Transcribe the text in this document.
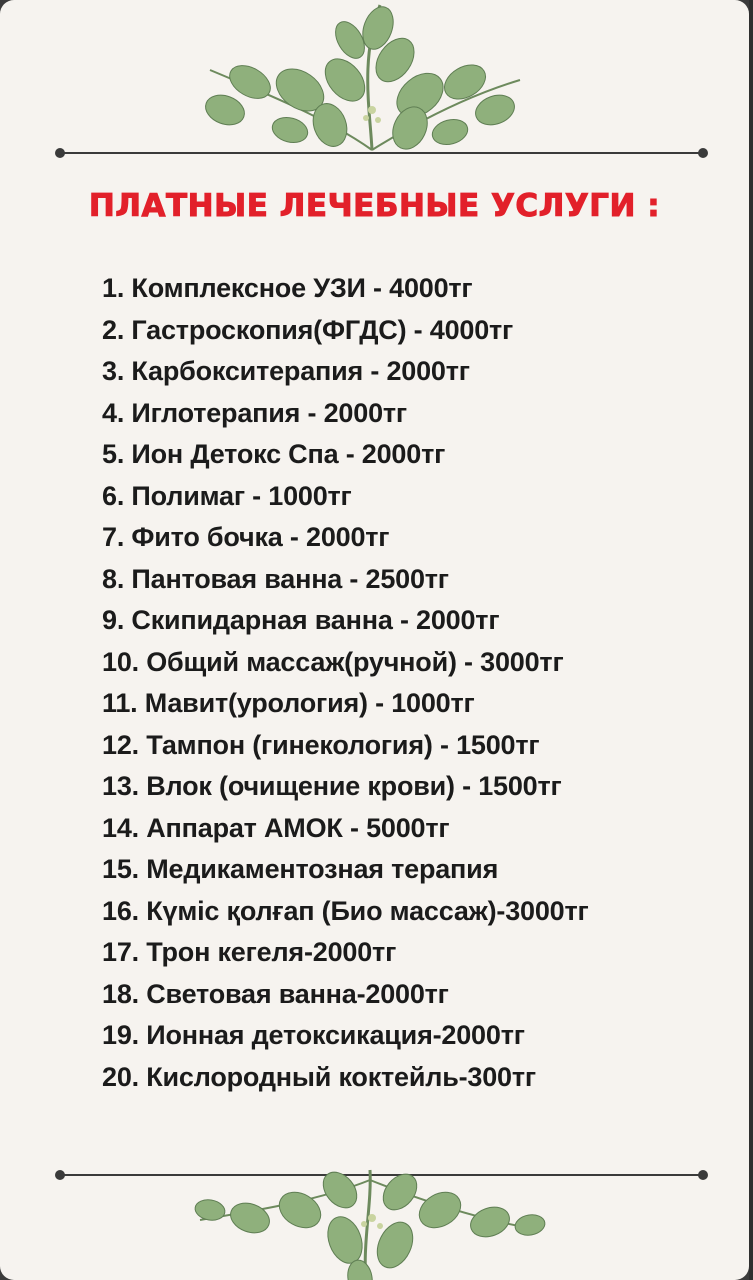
ПЛАТНЫЕ ЛЕЧЕБНЫЕ УСЛУГИ :
1. Комплексное УЗИ - 4000тг
2. Гастроскопия(ФГДС) - 4000тг
3. Карбокситерапия - 2000тг
4. Иглотерапия - 2000тг
5. Ион Детокс Спа - 2000тг
6. Полимаг - 1000тг
7. Фито бочка - 2000тг
8. Пантовая ванна - 2500тг
9. Скипидарная ванна - 2000тг
10. Общий массаж(ручной) - 3000тг
11. Мавит(урология) - 1000тг
12. Тампон (гинекология) - 1500тг
13. Влок (очищение крови) - 1500тг
14. Аппарат АМОК - 5000тг
15. Медикаментозная терапия
16. Күміс қолғап (Био массаж)-3000тг
17. Трон кегеля-2000тг
18. Световая ванна-2000тг
19. Ионная детоксикация-2000тг
20. Кислородный коктейль-300тг
